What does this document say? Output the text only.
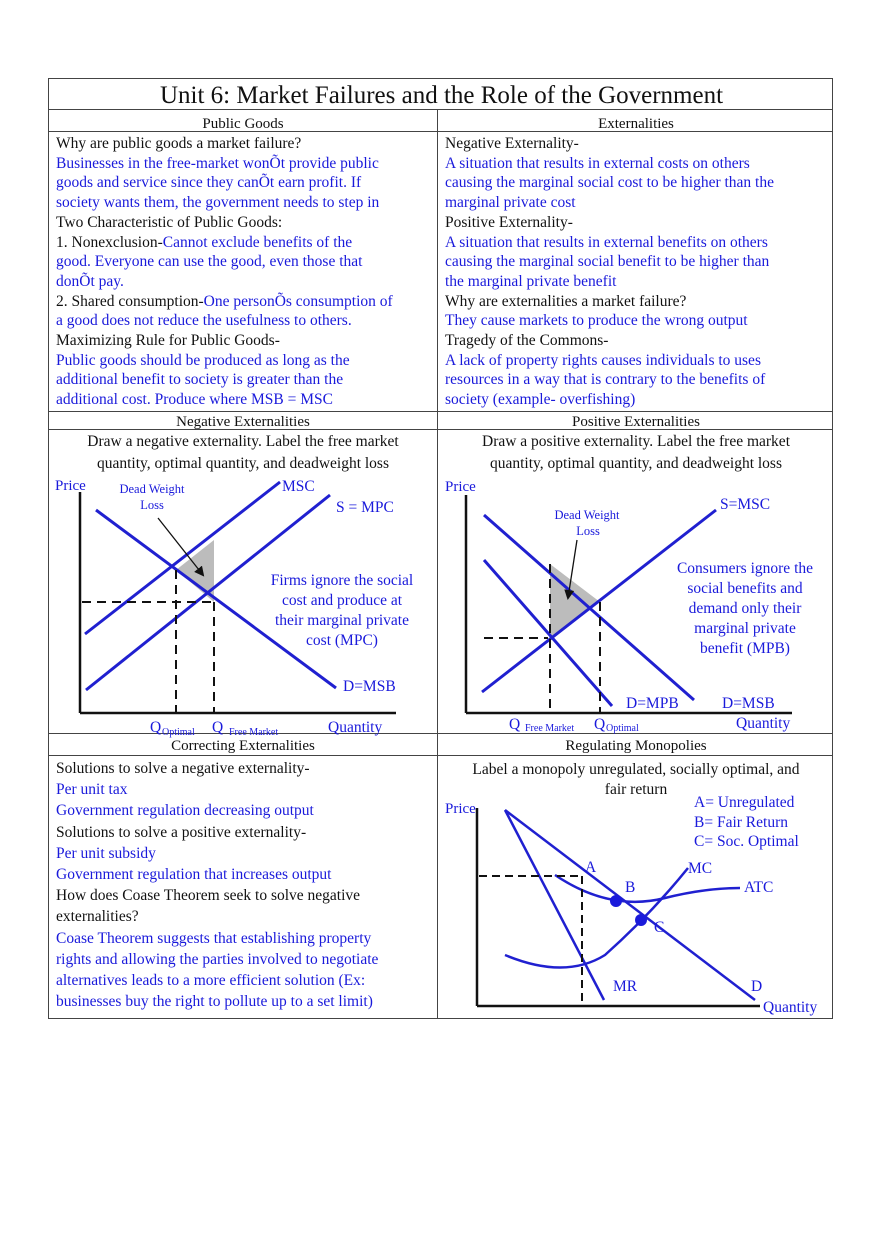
Unit 6: Market Failures and the Role of the Government
Public Goods	Externalities
Why are public goods a market failure?
Businesses in the free-market wonÕt provide public
goods and service since they canÕt earn profit. If
society wants them, the government needs to step in
Two Characteristic of Public Goods:
1. Nonexclusion-Cannot exclude benefits of the
good. Everyone can use the good, even those that
donÕt pay.
2. Shared consumption-One personÕs consumption of
a good does not reduce the usefulness to others.
Maximizing Rule for Public Goods-
Public goods should be produced as long as the
additional benefit to society is greater than the
additional cost. Produce where MSB = MSC
Negative Externality-
A situation that results in external costs on others
causing the marginal social cost to be higher than the
marginal private cost
Positive Externality-
A situation that results in external benefits on others
causing the marginal social benefit to be higher than
the marginal private benefit
Why are externalities a market failure?
They cause markets to produce the wrong output
Tragedy of the Commons-
A lack of property rights causes individuals to uses
resources in a way that is contrary to the benefits of
society (example- overfishing)
Negative Externalities	Positive Externalities
Draw a negative externality. Label the free market
quantity, optimal quantity, and deadweight loss
Draw a positive externality. Label the free market
quantity, optimal quantity, and deadweight loss
Correcting Externalities	Regulating Monopolies
Solutions to solve a negative externality-
Per unit tax
Government regulation decreasing output
Solutions to solve a positive externality-
Per unit subsidy
Government regulation that increases output
How does Coase Theorem seek to solve negative
externalities?
Coase Theorem suggests that establishing property
rights and allowing the parties involved to negotiate
alternatives leads to a more efficient solution (Ex:
businesses buy the right to pollute up to a set limit)
Label a monopoly unregulated, socially optimal, and
fair return
Price	Dead Weight
Loss
MSC
S = MPC
D=MSB
Firms ignore the social
cost and produce at
their marginal private
cost (MPC)
Q Optimal Q Free Market	Quantity
Price
Dead Weight
Loss
S=MSC
Consumers ignore the
social benefits and
demand only their
marginal private
benefit (MPB)
D=MPB	D=MSB
Q Free Market Q Optimal	Quantity
Price	A= Unregulated
B= Fair Return
C= Soc. Optimal
A
B
C
MC
ATC
MR	D
Quantity
